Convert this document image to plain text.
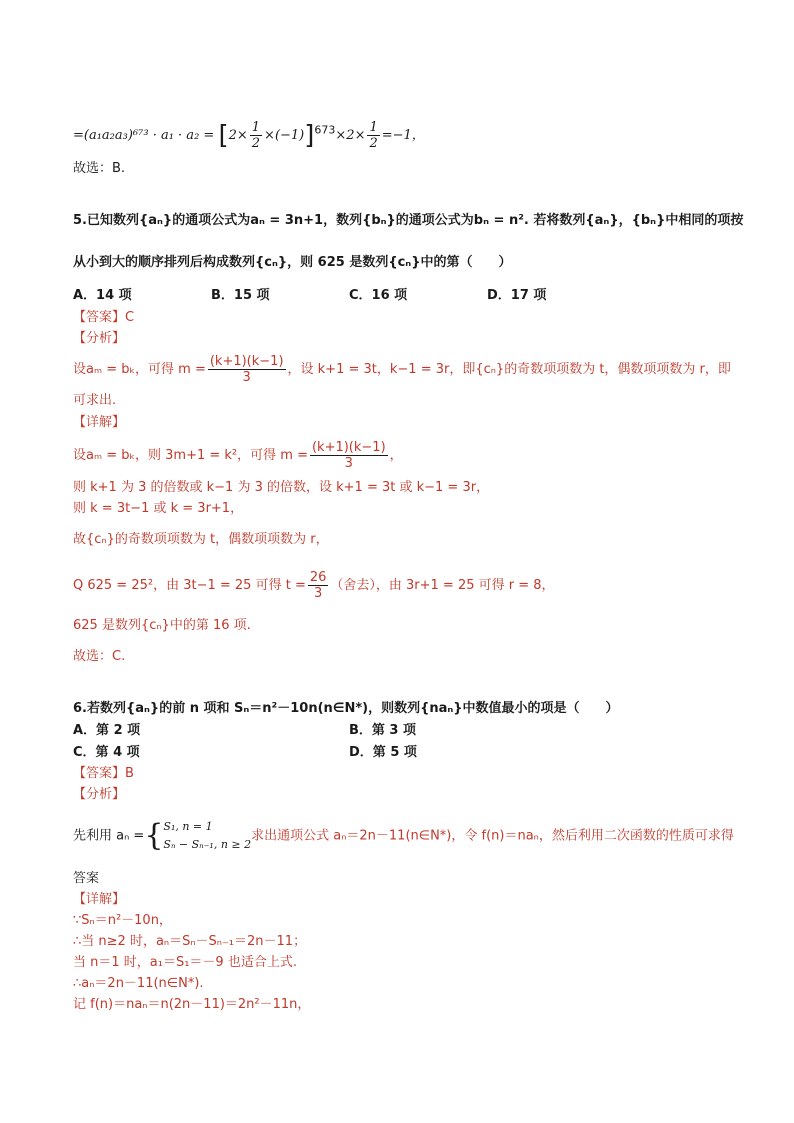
$=(a_1a_2a_3)^{673} \cdot a_1 \cdot a_2 = [2\times \frac{1}{2} \times(-1)]^{673}\times 2\times \frac{1}{2} =-1$，
故选：B.
5.已知数列{aₙ}的通项公式为aₙ = 3n+1，数列{bₙ}的通项公式为bₙ = n². 若将数列{aₙ}，{bₙ}中相同的项按
从小到大的顺序排列后构成数列{cₙ}，则 625 是数列{cₙ}中的第（　　）
A．14 项	B．15 项	C．16 项	D．17 项
【答案】C
【分析】
设aₘ = bₖ，可得 $m = \frac{(k+1)(k-1)}{3}$ ，设 k+1 = 3t，k−1 = 3r，即{cₙ}的奇数项项数为 t，偶数项项数为 r，即
可求出.
【详解】
设aₘ = bₖ，则 3m+1 = k²，可得 $m = \frac{(k+1)(k-1)}{3}$ ，
则 k+1 为 3 的倍数或 k−1 为 3 的倍数，设 k+1 = 3t 或 k−1 = 3r，
则 k = 3t−1 或 k = 3r+1，
故{cₙ}的奇数项项数为 t，偶数项项数为 r，
Q 625 = 25²，由 3t−1 = 25 可得 $t = \frac{26}{3}$ （舍去），由 3r+1 = 25 可得 r = 8，
625 是数列{cₙ}中的第 16 项.
故选：C.
6.若数列{aₙ}的前 n 项和 Sₙ＝n²－10n(n∈N*)，则数列{naₙ}中数值最小的项是（　　）
A．第 2 项	B．第 3 项
C．第 4 项	D．第 5 项
【答案】B
【分析】
先利用 aₙ ={ S₁, n = 1
Sₙ − Sₙ₋₁, n ≥ 2
求出通项公式 aₙ＝2n－11(n∈N*)，令 f(n)＝naₙ，然后利用二次函数的性质可求得
答案
【详解】
∵Sₙ＝n²－10n，
∴当 n≥2 时，aₙ＝Sₙ－Sₙ₋₁＝2n－11；
当 n＝1 时，a₁＝S₁＝－9 也适合上式.
∴aₙ＝2n－11(n∈N*).
记 f(n)＝naₙ＝n(2n－11)＝2n²－11n，
